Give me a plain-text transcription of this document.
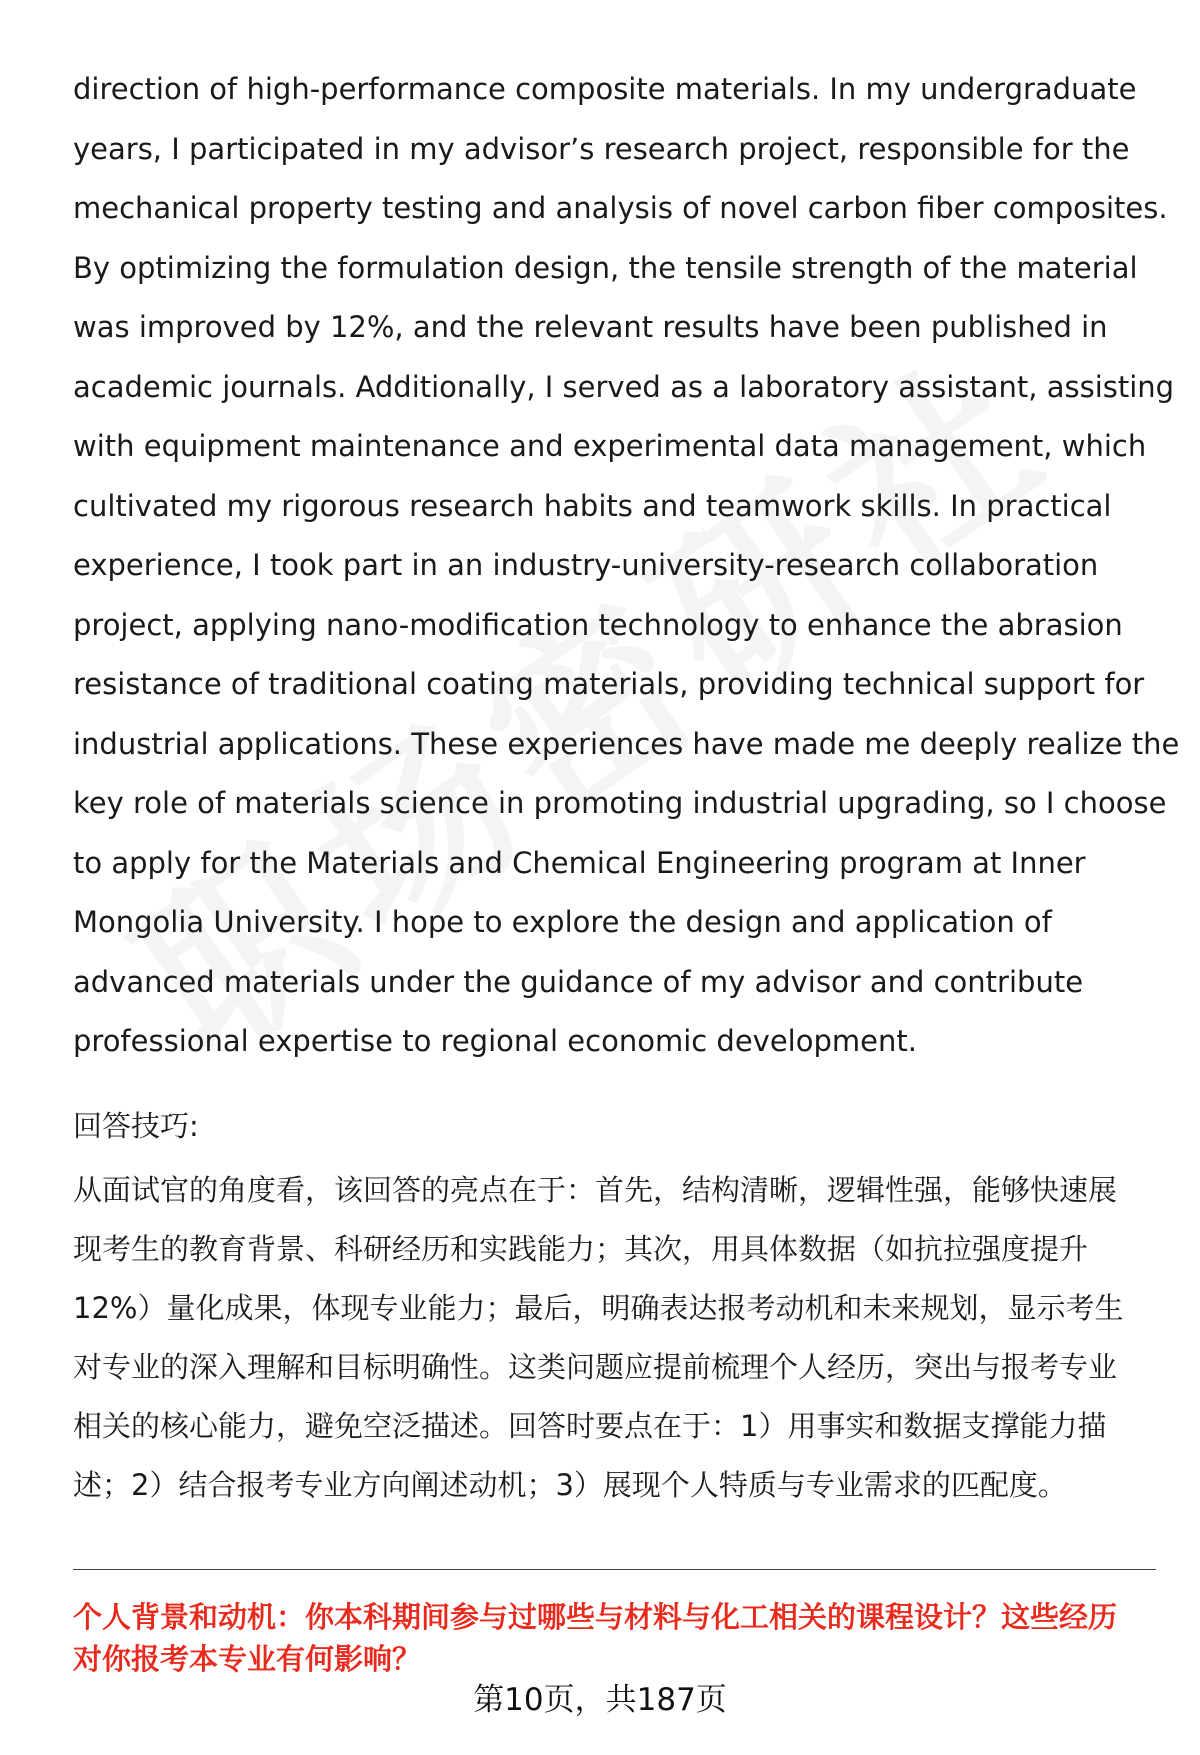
direction of high-performance composite materials. In my undergraduate
years, I participated in my advisor’s research project, responsible for the
mechanical property testing and analysis of novel carbon fiber composites.
By optimizing the formulation design, the tensile strength of the material
was improved by 12%, and the relevant results have been published in
academic journals. Additionally, I served as a laboratory assistant, assisting
with equipment maintenance and experimental data management, which
cultivated my rigorous research habits and teamwork skills. In practical
experience, I took part in an industry-university-research collaboration
project, applying nano-modification technology to enhance the abrasion
resistance of traditional coating materials, providing technical support for
industrial applications. These experiences have made me deeply realize the
key role of materials science in promoting industrial upgrading, so I choose
to apply for the Materials and Chemical Engineering program at Inner
Mongolia University. I hope to explore the design and application of
advanced materials under the guidance of my advisor and contribute
professional expertise to regional economic development.

回答技巧:

从面试官的角度看，该回答的亮点在于：首先，结构清晰，逻辑性强，能够快速展
现考生的教育背景、科研经历和实践能力；其次，用具体数据（如抗拉强度提升
12%）量化成果，体现专业能力；最后，明确表达报考动机和未来规划，显示考生
对专业的深入理解和目标明确性。这类问题应提前梳理个人经历，突出与报考专业
相关的核心能力，避免空泛描述。回答时要点在于：1）用事实和数据支撑能力描
述；2）结合报考专业方向阐述动机；3）展现个人特质与专业需求的匹配度。
个人背景和动机：你本科期间参与过哪些与材料与化工相关的课程设计？这些经历
对你报考本专业有何影响？

第10页，共187页
